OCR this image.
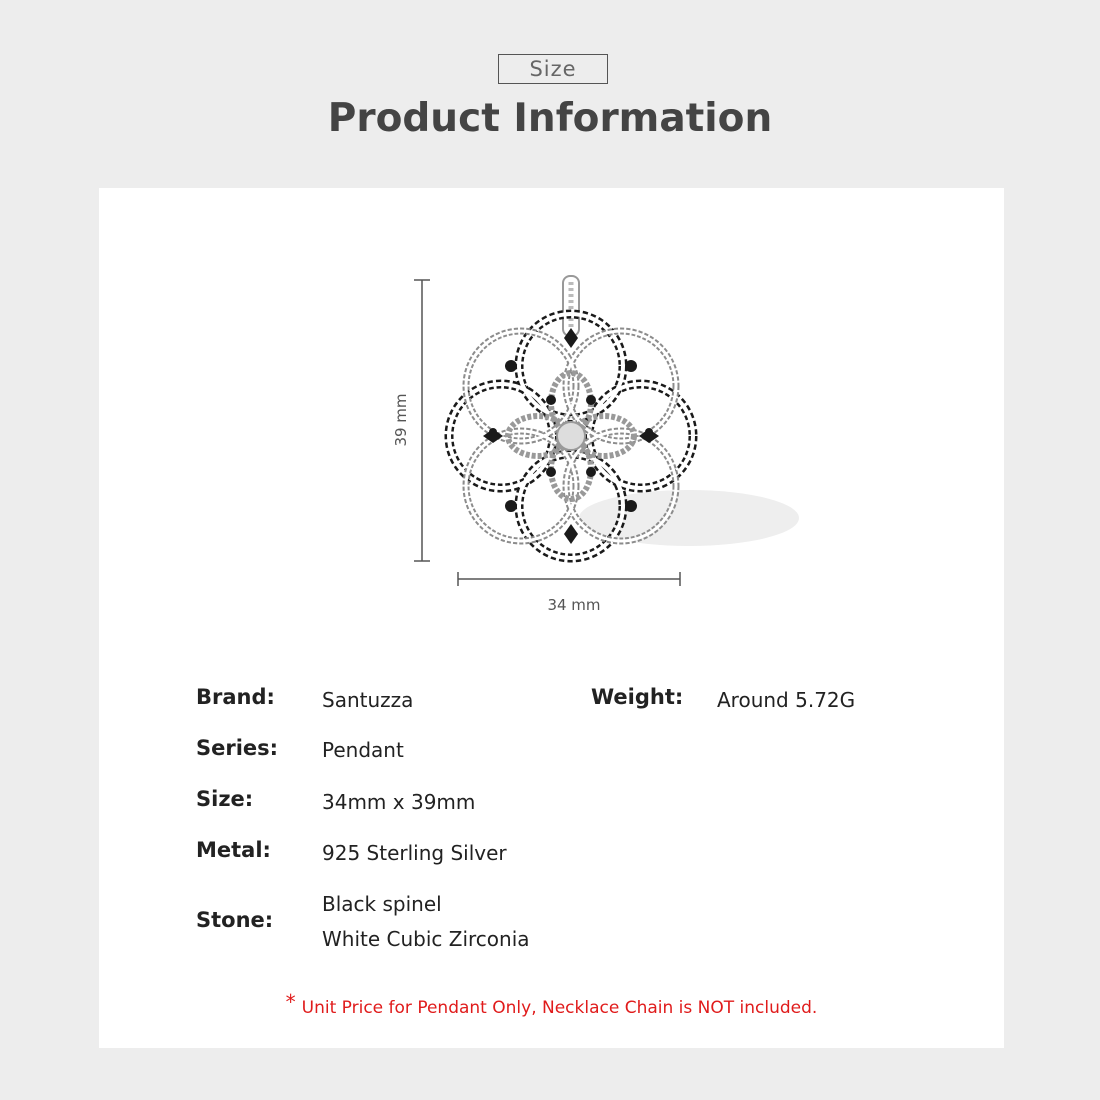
Size
Product Information
39 mm
34 mm
Brand: Santuzza	Weight: Around 5.72G
Series: Pendant
Size:	34mm x 39mm
Metal:	925 Sterling Silver
Stone:
Black spinel
White Cubic Zirconia
* Unit Price for Pendant Only, Necklace Chain is NOT included.
